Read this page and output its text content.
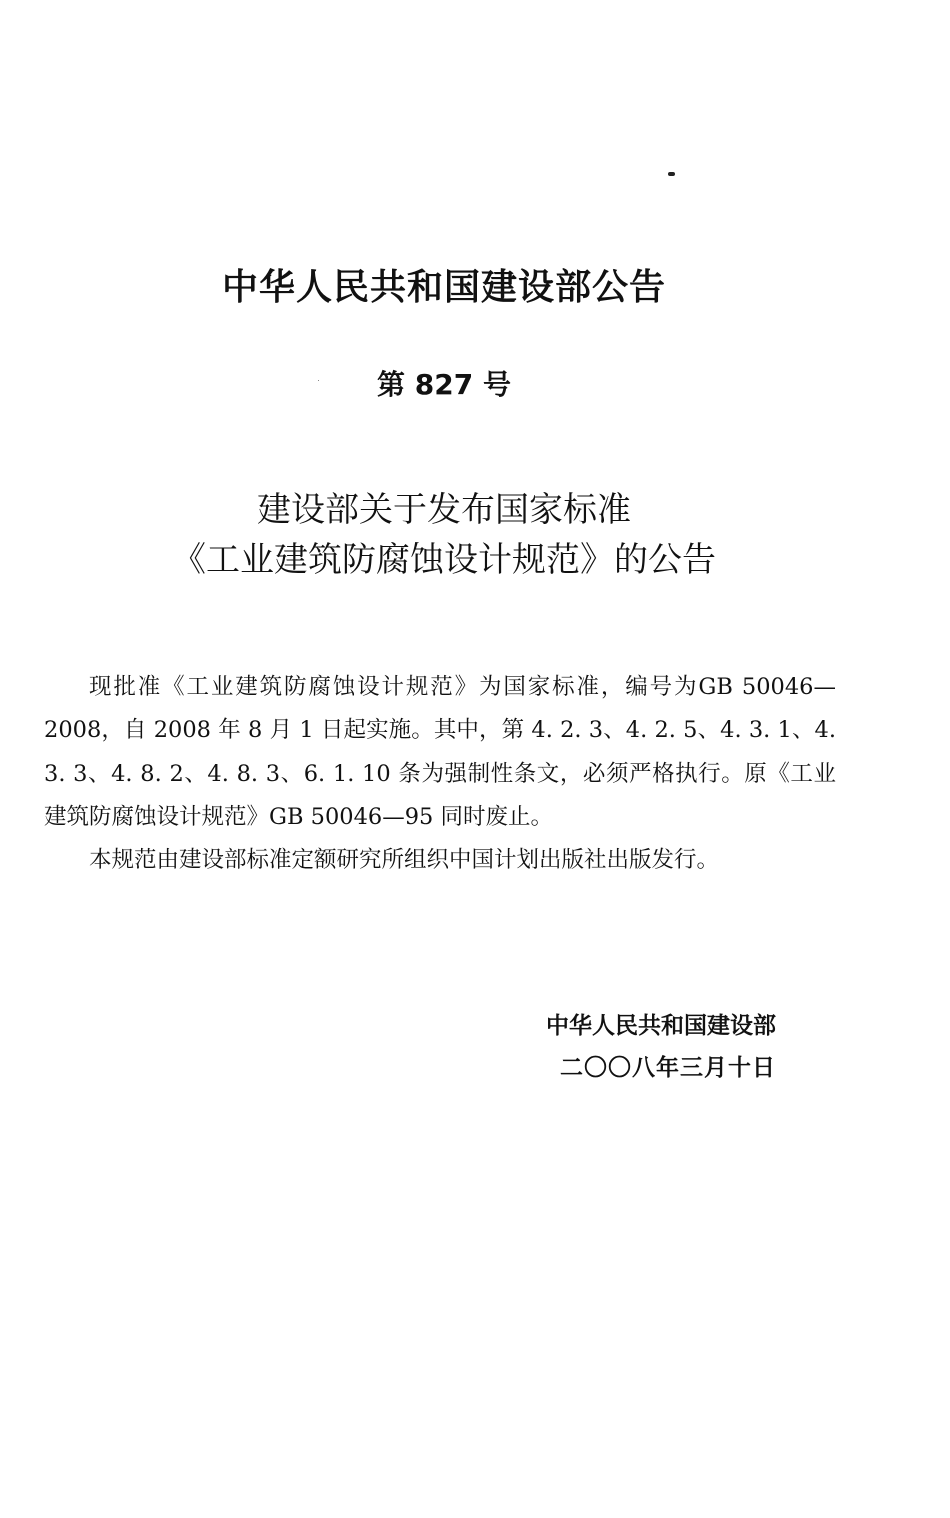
中华人民共和国建设部公告
第 827 号
建设部关于发布国家标准
《工业建筑防腐蚀设计规范》的公告

现批准《工业建筑防腐蚀设计规范》为国家标准，编号为GB 50046—2008，自 2008 年 8 月 1 日起实施。其中，第 4. 2. 3、4. 2. 5、4. 3. 1、4. 3. 3、4. 8. 2、4. 8. 3、6. 1. 10 条为强制性条文，必须严格执行。原《工业建筑防腐蚀设计规范》GB 50046—95 同时废止。

本规范由建设部标准定额研究所组织中国计划出版社出版发行。

中华人民共和国建设部
二〇〇八年三月十日
